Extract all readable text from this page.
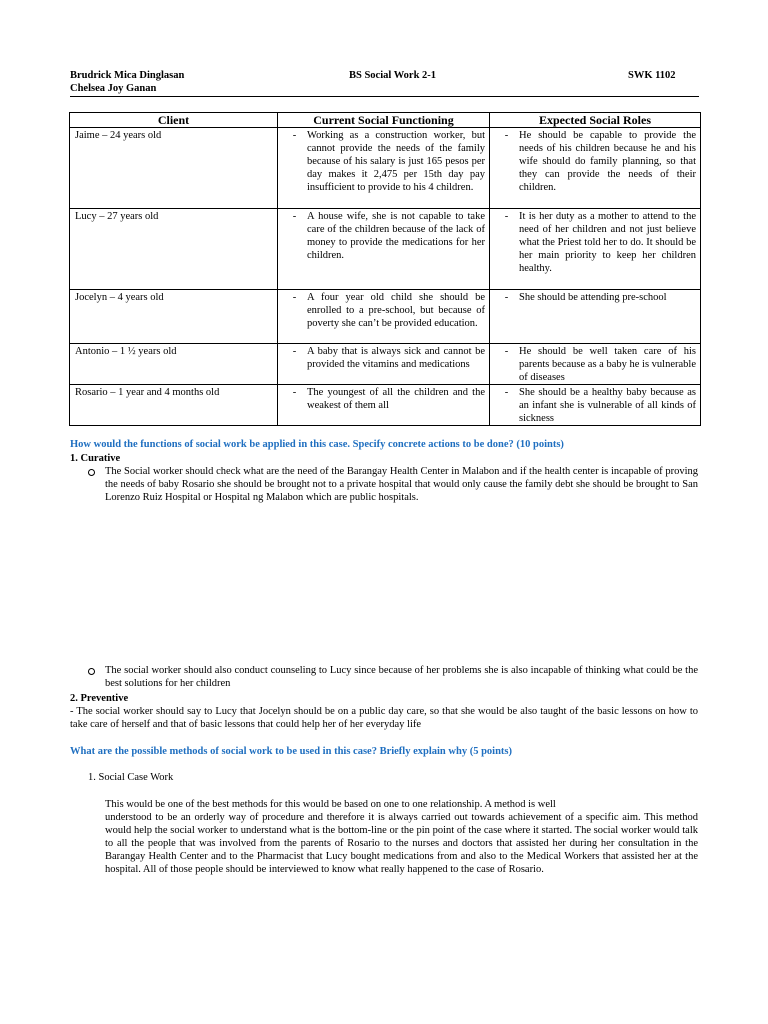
Brudrick Mica Dinglasan
Chelsea Joy Ganan
BS Social Work 2-1	SWK 1102
Client	Current Social Functioning	Expected Social Roles
Jaime – 24 years old	- Working as a construction worker, but cannot provide the needs of the family because of his salary is just 165 pesos per day makes it 2,475 per 15th day pay insufficient to provide to his 4 children.	- He should be capable to provide the needs of his children because he and his wife should do family planning, so that they can provide the needs of their children.

Lucy – 27 years old	- A house wife, she is not capable to take care of the children because of the lack of money to provide the medications for her children.	- It is her duty as a mother to attend to the need of her children and not just believe what the Priest told her to do. It should be her main priority to keep her children healthy.

Jocelyn – 4 years old	- A four year old child she should be enrolled to a pre-school, but because of poverty she can’t be provided education.	- She should be attending pre-school

Antonio – 1 ½ years old	- A baby that is always sick and cannot be provided the vitamins and medications	- He should be well taken care of his parents because as a baby he is vulnerable of diseases

Rosario – 1 year and 4 months old	- The youngest of all the children and the weakest of them all	- She should be a healthy baby because as an infant she is vulnerable of all kinds of sickness
How would the functions of social work be applied in this case. Specify concrete actions to be done? (10 points)
1. Curative
The Social worker should check what are the need of the Barangay Health Center in Malabon and if the health center is incapable of proving the needs of baby Rosario she should be brought not to a private hospital that would only cause the family debt she should be brought to San Lorenzo Ruiz Hospital or Hospital ng Malabon which are public hospitals.
The social worker should also conduct counseling to Lucy since because of her problems she is also incapable of thinking what could be the best solutions for her children
2. Preventive
- The social worker should say to Lucy that Jocelyn should be on a public day care, so that she would be also taught of the basic lessons on how to take care of herself and that of basic lessons that could help her of her everyday life
What are the possible methods of social work to be used in this case? Briefly explain why (5 points)
1. Social Case Work
This would be one of the best methods for this would be based on one to one relationship. A method is well
understood to be an orderly way of procedure and therefore it is always carried out towards achievement of a specific aim. This method would help the social worker to understand what is the bottom-line or the pin point of the case where it started. The social worker would talk to all the people that was involved from the parents of Rosario to the nurses and doctors that assisted her during her consultation in the Barangay Health Center and to the Pharmacist that Lucy bought medications from and also to the Medical Workers that assisted her at the hospital. All of those people should be interviewed to know what really happened to the case of Rosario.
